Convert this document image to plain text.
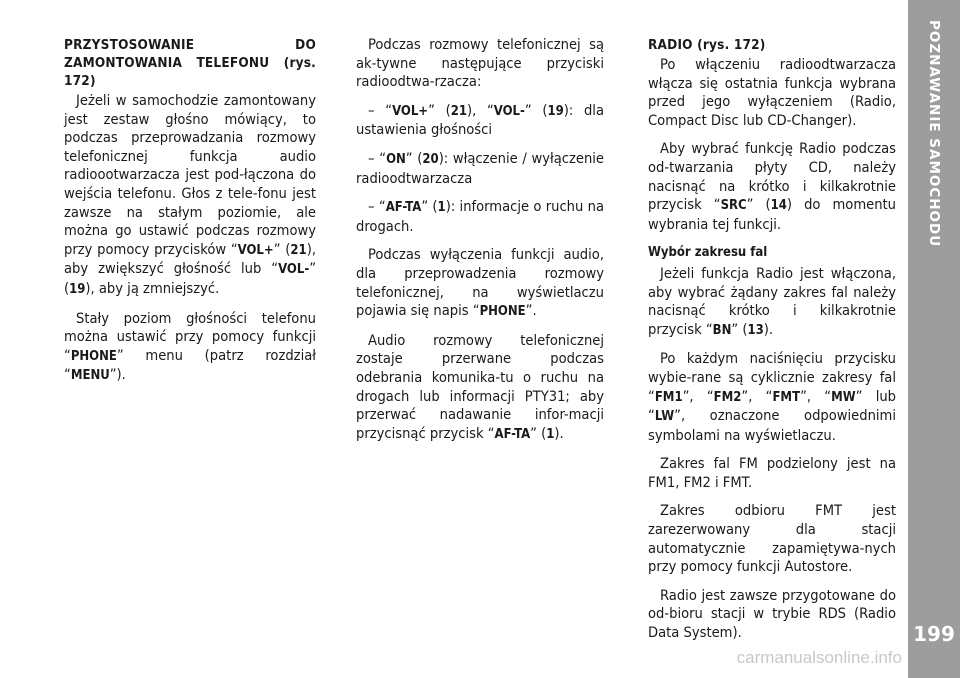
PRZYSTOSOWANIE DO ZAMONTOWANIA TELEFONU (rys. 172)

Jeżeli w samochodzie zamontowany jest zestaw głośno mówiący, to podczas przeprowadzania rozmowy telefonicznej funkcja audio radioootwarzacza jest pod-łączona do wejścia telefonu. Głos z tele-fonu jest zawsze na stałym poziomie, ale można go ustawić podczas rozmowy przy pomocy przycisków “VOL+” (21), aby zwiększyć głośność lub “VOL-” (19), aby ją zmniejszyć.

Stały poziom głośności telefonu można ustawić przy pomocy funkcji “PHONE” menu (patrz rozdział “MENU”).

Podczas rozmowy telefonicznej są ak-tywne następujące przyciski radioodtwa-rzacza:

– “VOL+” (21), “VOL-” (19): dla ustawienia głośności

– “ON” (20): włączenie / wyłączenie radioodtwarzacza

– “AF-TA” (1): informacje o ruchu na drogach.

Podczas wyłączenia funkcji audio, dla przeprowadzenia rozmowy telefonicznej, na wyświetlaczu pojawia się napis “PHONE”.

Audio rozmowy telefonicznej zostaje przerwane podczas odebrania komunika-tu o ruchu na drogach lub informacji PTY31; aby przerwać nadawanie infor-macji przycisnąć przycisk “AF-TA” (1).

RADIO (rys. 172)

Po włączeniu radioodtwarzacza włącza się ostatnia funkcja wybrana przed jego wyłączeniem (Radio, Compact Disc lub CD-Changer).

Aby wybrać funkcję Radio podczas od-twarzania płyty CD, należy nacisnąć na krótko i kilkakrotnie przycisk “SRC” (14) do momentu wybrania tej funkcji.

Wybór zakresu fal

Jeżeli funkcja Radio jest włączona, aby wybrać żądany zakres fal należy nacisnąć krótko i kilkakrotnie przycisk “BN” (13).

Po każdym naciśnięciu przycisku wybie-rane są cyklicznie zakresy fal “FM1”, “FM2”, “FMT”, “MW” lub “LW”, oznaczone odpowiednimi symbolami na wyświetlaczu.

Zakres fal FM podzielony jest na FM1, FM2 i FMT.

Zakres odbioru FMT jest zarezerwowany dla stacji automatycznie zapamiętywa-nych przy pomocy funkcji Autostore.

Radio jest zawsze przygotowane do od-bioru stacji w trybie RDS (Radio Data System).

POZNAWANIE SAMOCHODU
199
carmanualsonline.info
